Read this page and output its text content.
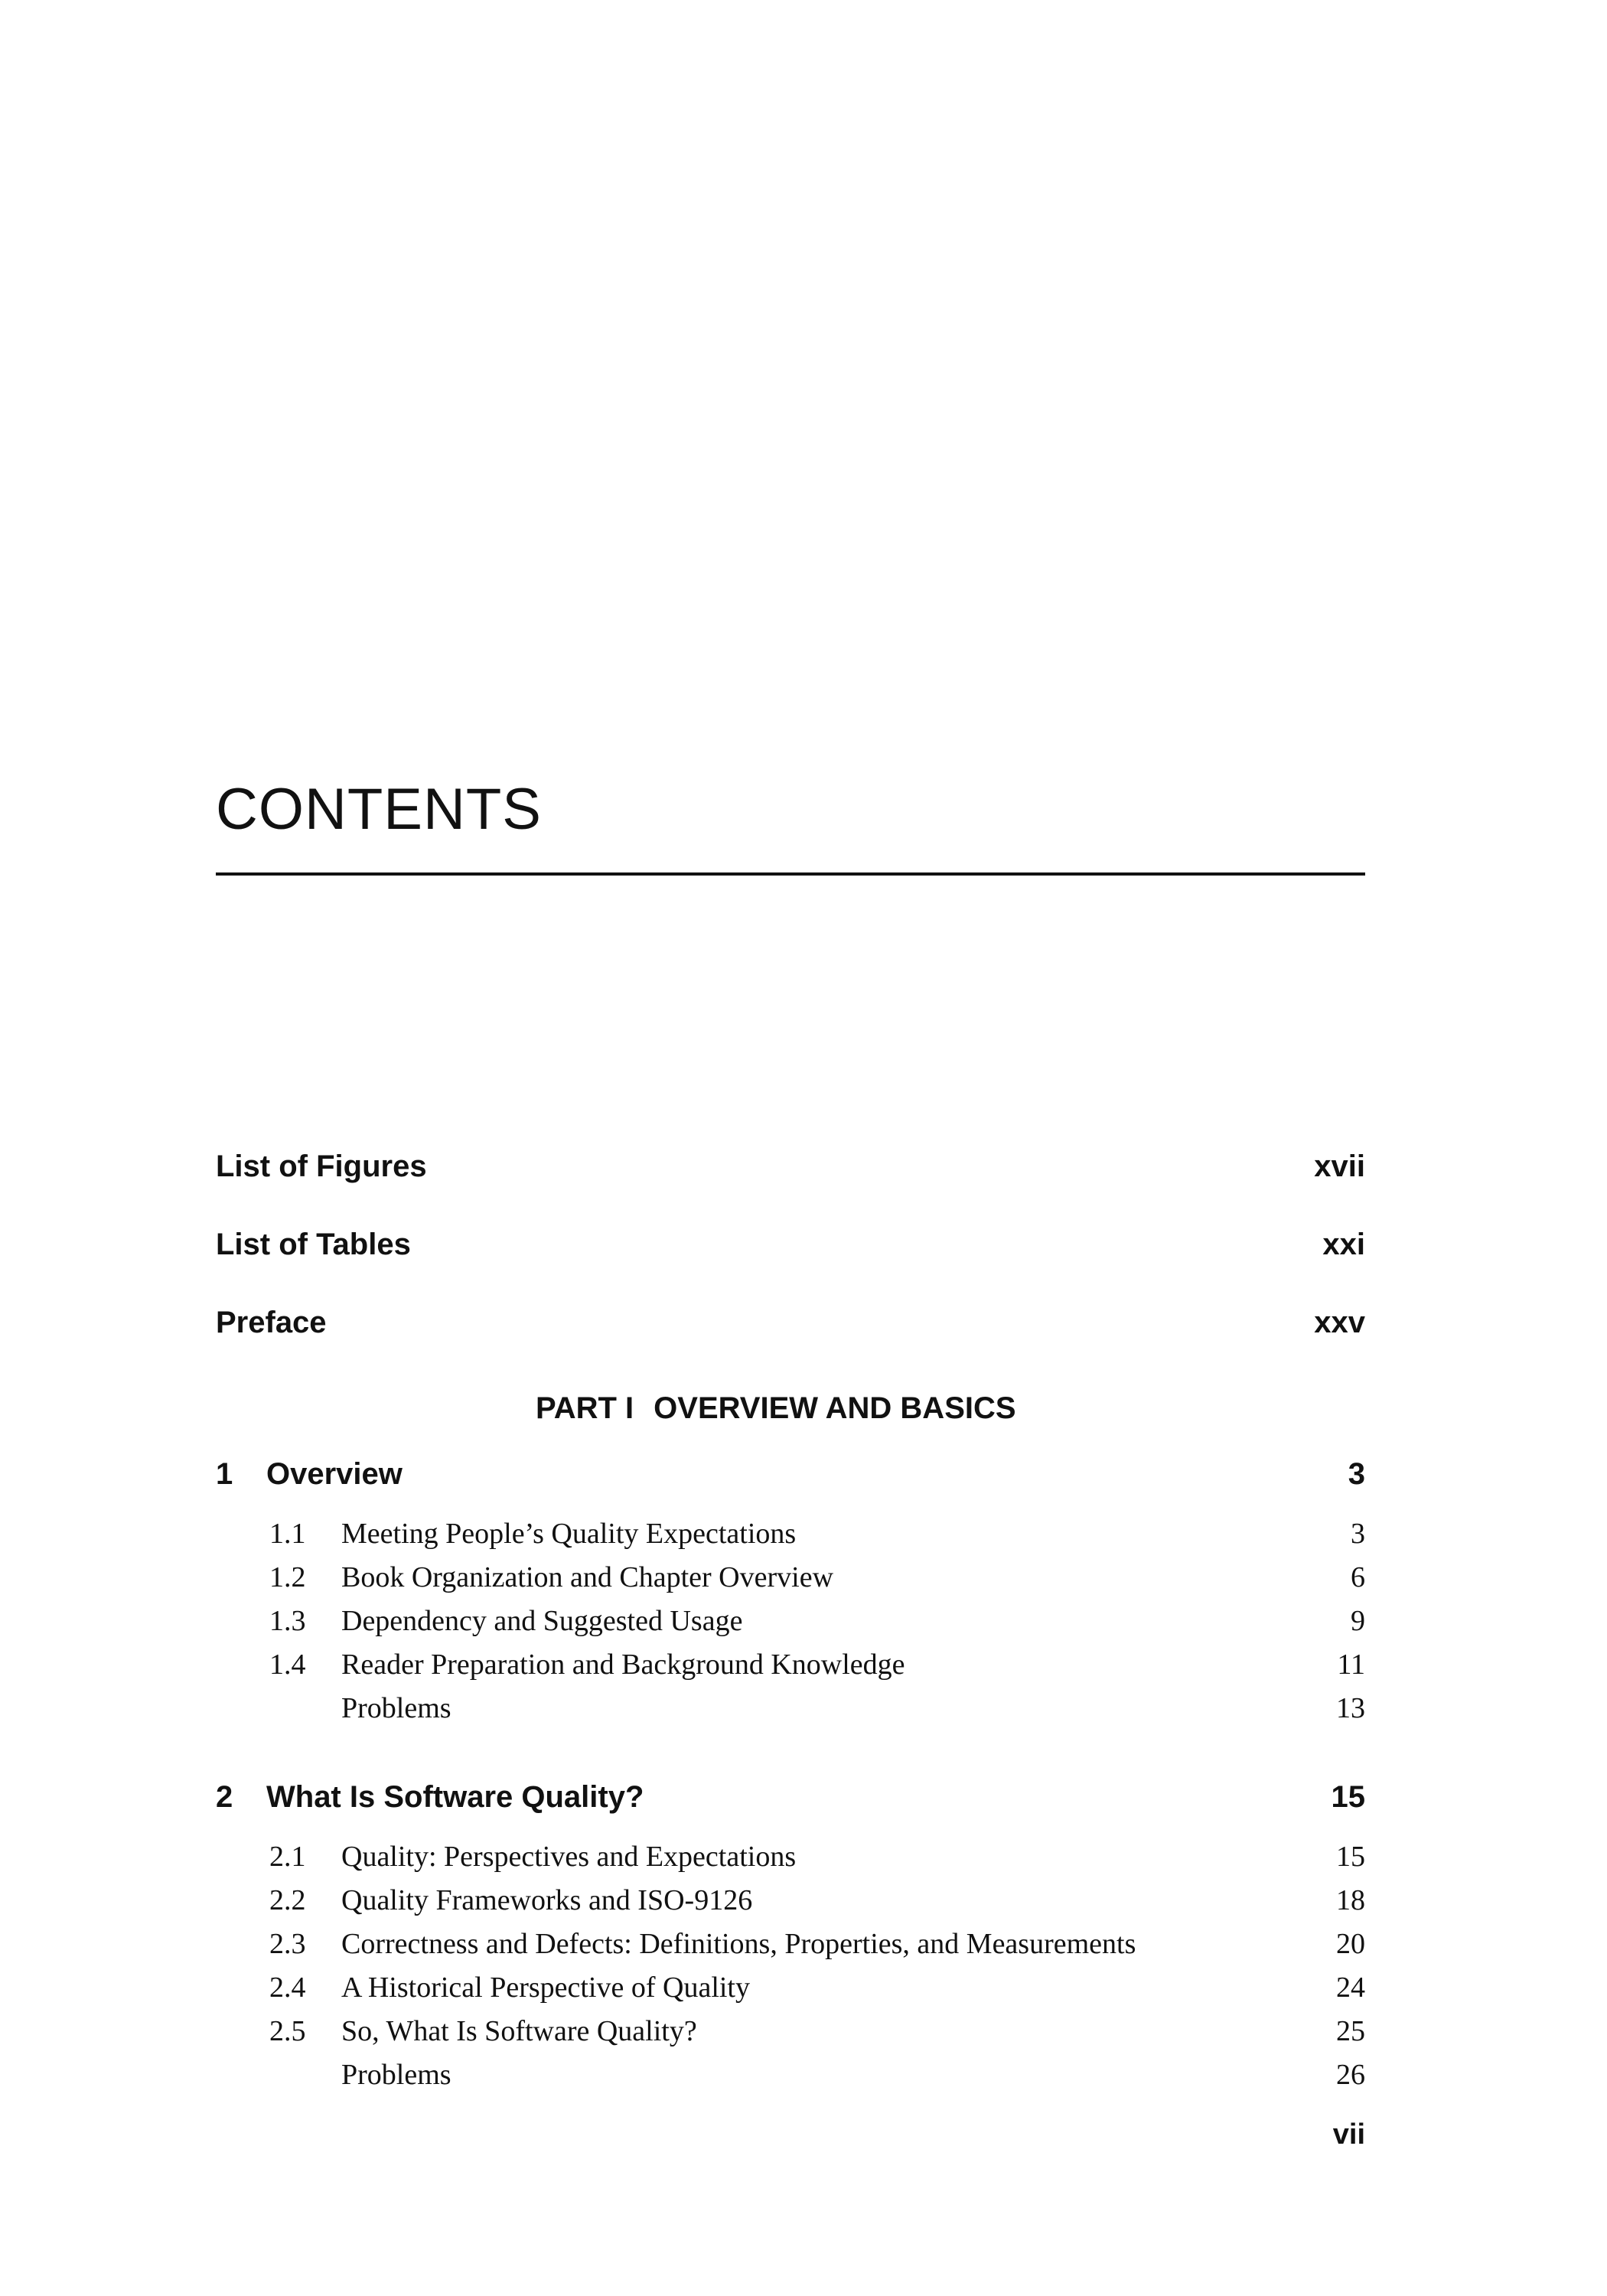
CONTENTS
List of Figures	xvii
List of Tables	xxi
Preface	xxv
PART I OVERVIEW AND BASICS
1	Overview	3
1.1	Meeting People’s Quality Expectations	3
1.2	Book Organization and Chapter Overview	6
1.3	Dependency and Suggested Usage	9
1.4	Reader Preparation and Background Knowledge	11
Problems	13
2	What Is Software Quality?	15
2.1	Quality: Perspectives and Expectations	15
2.2	Quality Frameworks and ISO-9126	18
2.3	Correctness and Defects: Definitions, Properties, and Measurements	20
2.4	A Historical Perspective of Quality	24
2.5	So, What Is Software Quality?	25
Problems	26
vii
